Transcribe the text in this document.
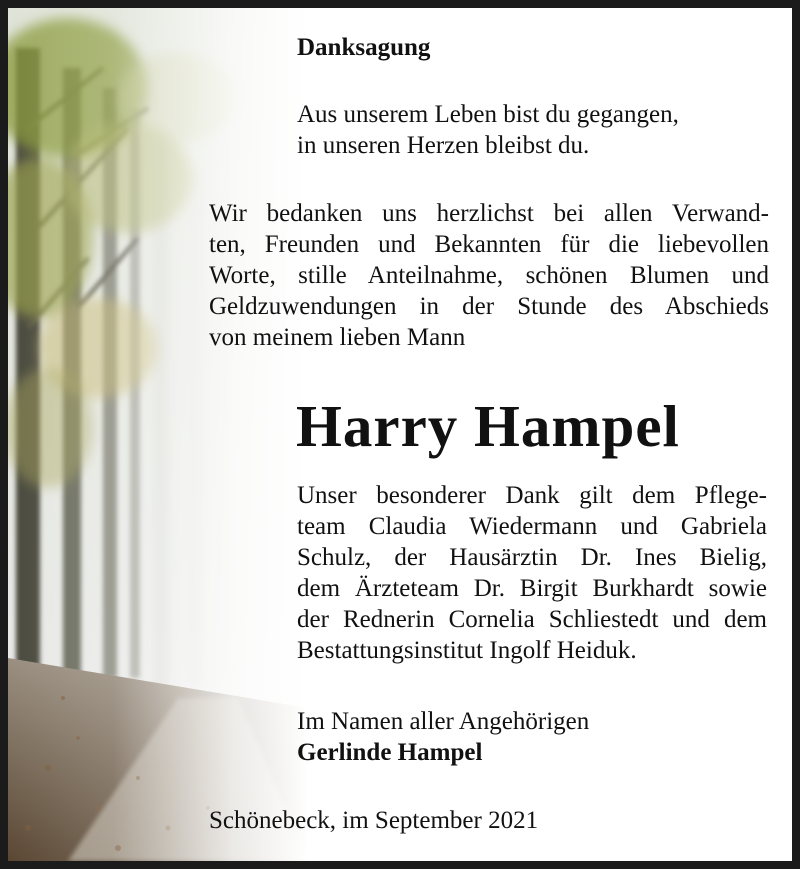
Danksagung

Aus unserem Leben bist du gegangen,
in unseren Herzen bleibst du.
Wir bedanken uns herzlichst bei allen Verwand-
ten, Freunden und Bekannten für die liebevollen
Worte, stille Anteilnahme, schönen Blumen und
Geldzuwendungen in der Stunde des Abschieds
von meinem lieben Mann

Harry Hampel

Unser besonderer Dank gilt dem Pflege-
team Claudia Wiedermann und Gabriela
Schulz, der Hausärztin Dr. Ines Bielig,
dem Ärzteteam Dr. Birgit Burkhardt sowie
der Rednerin Cornelia Schliestedt und dem
Bestattungsinstitut Ingolf Heiduk.
Im Namen aller Angehörigen
Gerlinde Hampel

Schönebeck, im September 2021
